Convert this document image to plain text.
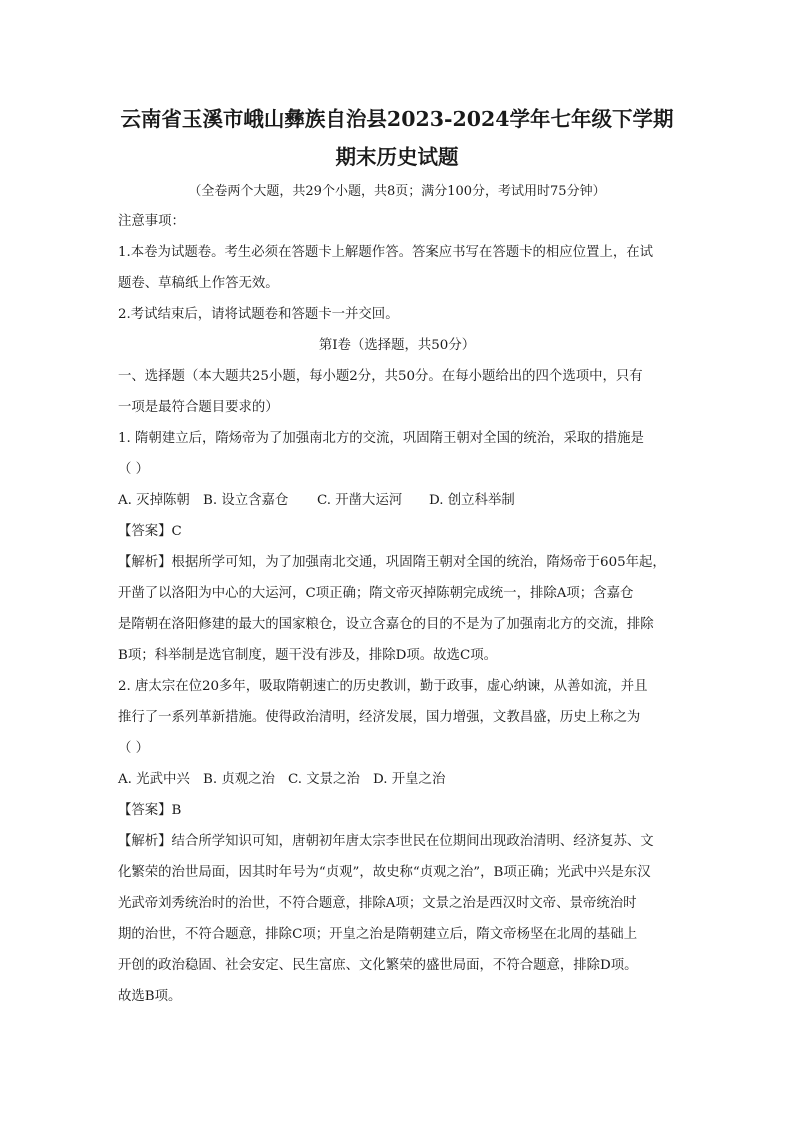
云南省玉溪市峨山彝族自治县2023-2024学年七年级下学期
期末历史试题
（全卷两个大题，共29个小题，共8页；满分100分，考试用时75分钟）

注意事项：

1.本卷为试题卷。考生必须在答题卡上解题作答。答案应书写在答题卡的相应位置上，在试

题卷、草稿纸上作答无效。

2.考试结束后，请将试题卷和答题卡一并交回。

第Ⅰ卷（选择题，共50分）

一、选择题（本大题共25小题，每小题2分，共50分。在每小题给出的四个选项中，只有

一项是最符合题目要求的）

1. 隋朝建立后，隋炀帝为了加强南北方的交流，巩固隋王朝对全国的统治，采取的措施是

（ ）

A. 灭掉陈朝 B. 设立含嘉仓	C. 开凿大运河	D. 创立科举制

【答案】C

【解析】根据所学可知，为了加强南北交通，巩固隋王朝对全国的统治，隋炀帝于605年起，

开凿了以洛阳为中心的大运河，C项正确；隋文帝灭掉陈朝完成统一，排除A项；含嘉仓

是隋朝在洛阳修建的最大的国家粮仓，设立含嘉仓的目的不是为了加强南北方的交流，排除

B项；科举制是选官制度，题干没有涉及，排除D项。故选C项。

2. 唐太宗在位20多年，吸取隋朝速亡的历史教训，勤于政事，虚心纳谏，从善如流，并且

推行了一系列革新措施。使得政治清明，经济发展，国力增强，文教昌盛，历史上称之为

（ ）

A. 光武中兴 B. 贞观之治 C. 文景之治 D. 开皇之治

【答案】B

【解析】结合所学知识可知，唐朝初年唐太宗李世民在位期间出现政治清明、经济复苏、文

化繁荣的治世局面，因其时年号为“贞观”，故史称“贞观之治”，B项正确；光武中兴是东汉

光武帝刘秀统治时的治世，不符合题意，排除A项；文景之治是西汉时文帝、景帝统治时

期的治世，不符合题意，排除C项；开皇之治是隋朝建立后，隋文帝杨坚在北周的基础上

开创的政治稳固、社会安定、民生富庶、文化繁荣的盛世局面，不符合题意，排除D项。

故选B项。
